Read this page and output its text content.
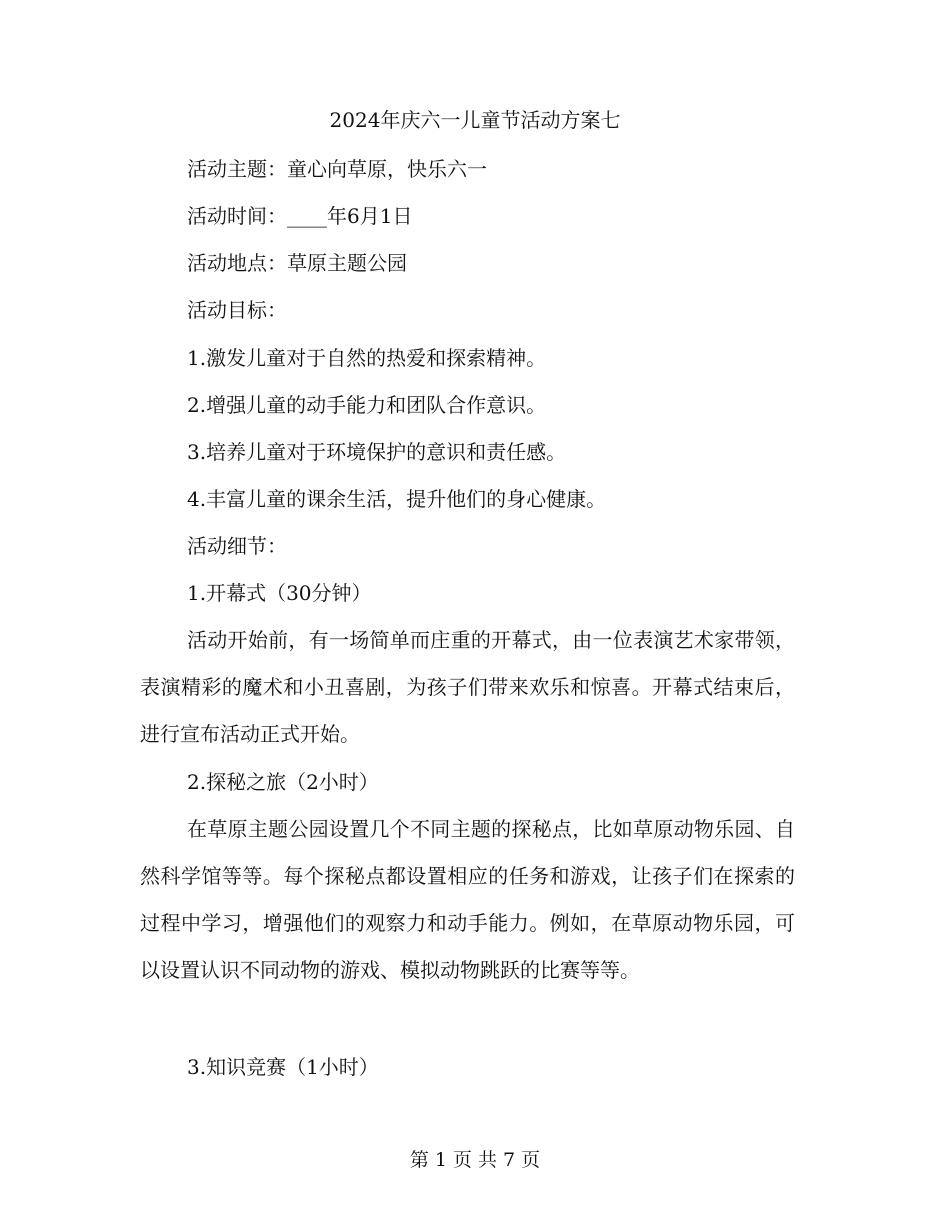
2024年庆六一儿童节活动方案七
活动主题：童心向草原，快乐六一
活动时间：____年6月1日
活动地点：草原主题公园
活动目标：
1.激发儿童对于自然的热爱和探索精神。
2.增强儿童的动手能力和团队合作意识。
3.培养儿童对于环境保护的意识和责任感。
4.丰富儿童的课余生活，提升他们的身心健康。
活动细节：
1.开幕式（30分钟）

活动开始前，有一场简单而庄重的开幕式，由一位表演艺术家带领，表演精彩的魔术和小丑喜剧，为孩子们带来欢乐和惊喜。开幕式结束后，进行宣布活动正式开始。

2.探秘之旅（2小时）

在草原主题公园设置几个不同主题的探秘点，比如草原动物乐园、自然科学馆等等。每个探秘点都设置相应的任务和游戏，让孩子们在探索的过程中学习，增强他们的观察力和动手能力。例如，在草原动物乐园，可以设置认识不同动物的游戏、模拟动物跳跃的比赛等等。

3.知识竞赛（1小时）
第 1 页 共 7 页
